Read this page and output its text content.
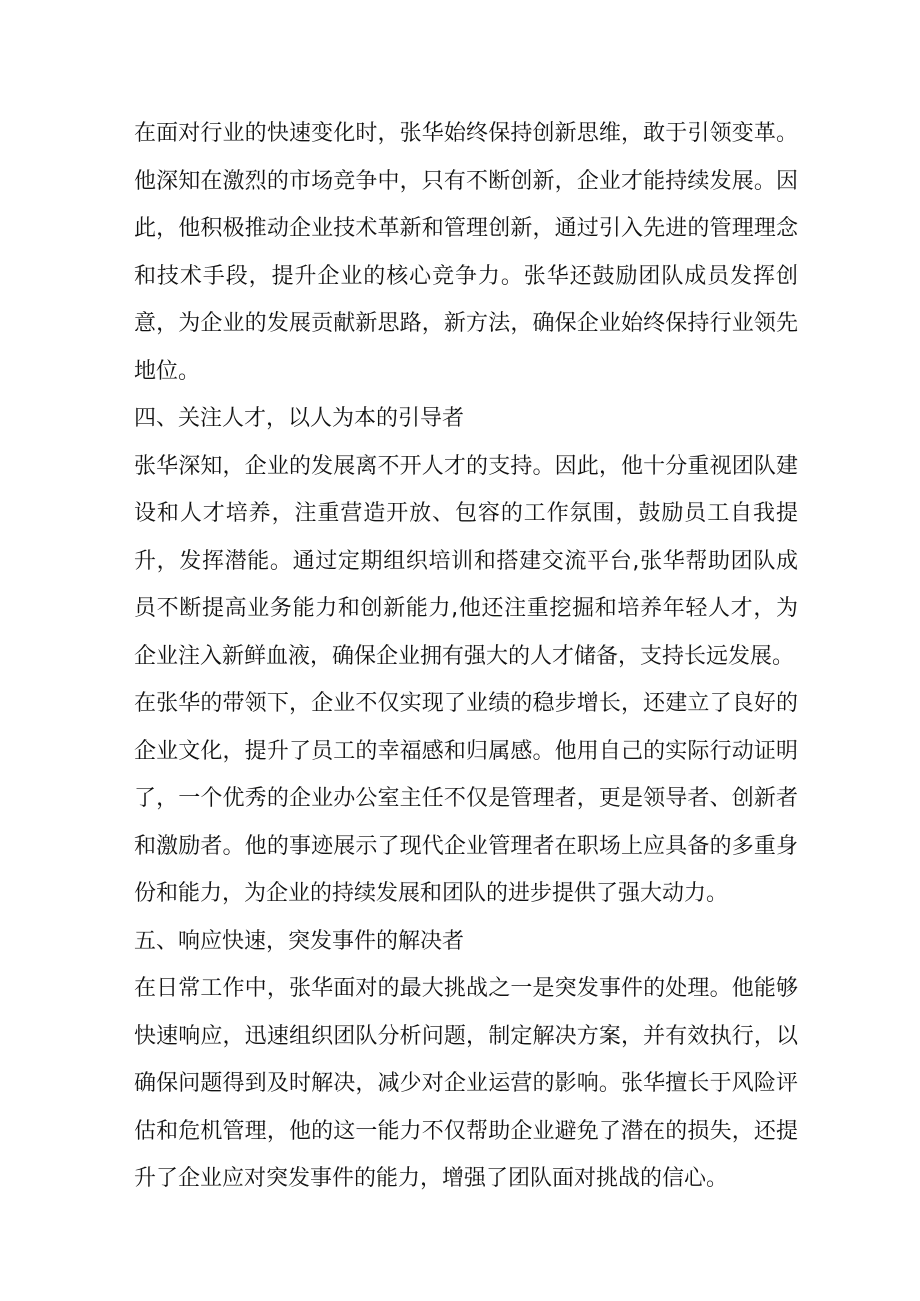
在面对行业的快速变化时，张华始终保持创新思维，敢于引领变革。他深知在激烈的市场竞争中，只有不断创新，企业才能持续发展。因此，他积极推动企业技术革新和管理创新，通过引入先进的管理理念和技术手段，提升企业的核心竞争力。张华还鼓励团队成员发挥创意，为企业的发展贡献新思路，新方法，确保企业始终保持行业领先地位。

四、关注人才，以人为本的引导者

张华深知，企业的发展离不开人才的支持。因此，他十分重视团队建设和人才培养，注重营造开放、包容的工作氛围，鼓励员工自我提升，发挥潜能。通过定期组织培训和搭建交流平台,张华帮助团队成员不断提高业务能力和创新能力,他还注重挖掘和培养年轻人才，为企业注入新鲜血液，确保企业拥有强大的人才储备，支持长远发展。

在张华的带领下，企业不仅实现了业绩的稳步增长，还建立了良好的企业文化，提升了员工的幸福感和归属感。他用自己的实际行动证明了，一个优秀的企业办公室主任不仅是管理者，更是领导者、创新者和激励者。他的事迹展示了现代企业管理者在职场上应具备的多重身份和能力，为企业的持续发展和团队的进步提供了强大动力。

五、响应快速，突发事件的解决者

在日常工作中，张华面对的最大挑战之一是突发事件的处理。他能够快速响应，迅速组织团队分析问题，制定解决方案，并有效执行，以确保问题得到及时解决，减少对企业运营的影响。张华擅长于风险评估和危机管理，他的这一能力不仅帮助企业避免了潜在的损失，还提升了企业应对突发事件的能力，增强了团队面对挑战的信心。
